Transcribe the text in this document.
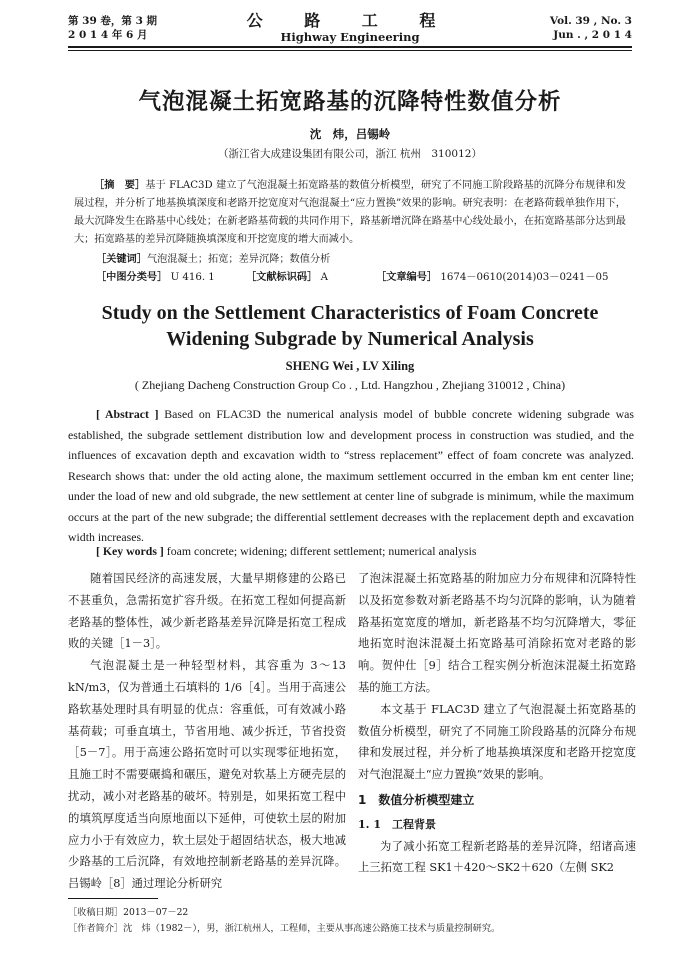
第 39 卷，第 3 期
2 0 1 4 年 6 月
公 路 工 程
Highway Engineering
Vol. 39 , No. 3
Jun . , 2 0 1 4
气泡混凝土拓宽路基的沉降特性数值分析
沈　炜，吕锡岭
（浙江省大成建设集团有限公司，浙江 杭州　310012）
［摘　要］基于 FLAC3D 建立了气泡混凝土拓宽路基的数值分析模型，研究了不同施工阶段路基的沉降分布规律和发展过程，并分析了地基换填深度和老路开挖宽度对气泡混凝土“应力置换”效果的影响。研究表明：在老路荷载单独作用下，最大沉降发生在路基中心线处；在新老路基荷载的共同作用下，路基新增沉降在路基中心线处最小，在拓宽路基部分达到最大；拓宽路基的差异沉降随换填深度和开挖宽度的增大而减小。
［关键词］气泡混凝土；拓宽；差异沉降；数值分析
［中图分类号］ U 416. 1	［文献标识码］ A	［文章编号］ 1674－0610(2014)03－0241－05
Study on the Settlement Characteristics of Foam Concrete
Widening Subgrade by Numerical Analysis
SHENG Wei , LV Xiling
( Zhejiang Dacheng Construction Group Co . , Ltd. Hangzhou , Zhejiang 310012 , China)
[ Abstract ] Based on FLAC3D the numerical analysis model of bubble concrete widening subgrade was established, the subgrade settlement distribution low and development process in construction was studied, and the influences of excavation depth and excavation width to “stress replacement” effect of foam concrete was analyzed. Research shows that: under the old acting alone, the maximum settlement occurred in the emban km ent center line; under the load of new and old subgrade, the new settlement at center line of subgrade is minimum, while the maximum occurs at the part of the new subgrade; the differential settlement decreases with the replacement depth and excavation width increases.
[ Key words ] foam concrete; widening; different settlement; numerical analysis

随着国民经济的高速发展，大量早期修建的公路已不甚重负，急需拓宽扩容升级。在拓宽工程如何提高新老路基的整体性，减少新老路基差异沉降是拓宽工程成败的关键［1－3］。

气泡混凝土是一种轻型材料，其容重为 3～13 kN/m3，仅为普通土石填料的 1/6［4］。当用于高速公路软基处理时具有明显的优点：容重低，可有效减小路基荷载；可垂直填土，节省用地、减少拆迁，节省投资［5－7］。用于高速公路拓宽时可以实现零征地拓宽，且施工时不需要碾捣和碾压，避免对软基上方硬壳层的扰动，减小对老路基的破坏。特别是，如果拓宽工程中的填筑厚度适当向原地面以下延伸，可使软土层的附加应力小于有效应力，软土层处于超固结状态，极大地减少路基的工后沉降，有效地控制新老路基的差异沉降。吕锡岭［8］通过理论分析研究

了泡沫混凝土拓宽路基的附加应力分布规律和沉降特性以及拓宽参数对新老路基不均匀沉降的影响，认为随着路基拓宽宽度的增加，新老路基不均匀沉降增大，零征地拓宽时泡沫混凝土拓宽路基可消除拓宽对老路的影响。贺仲仕［9］结合工程实例分析泡沫混凝土拓宽路基的施工方法。

本文基于 FLAC3D 建立了气泡混凝土拓宽路基的数值分析模型，研究了不同施工阶段路基的沉降分布规律和发展过程，并分析了地基换填深度和老路开挖宽度对气泡混凝土“应力置换”效果的影响。

1　数值分析模型建立
1. 1　工程背景

为了减小拓宽工程新老路基的差异沉降，绍诸高速上三拓宽工程 SK1＋420～SK2＋620（左侧 SK2

［收稿日期］2013－07－22
［作者简介］沈　炜（1982－），男，浙江杭州人，工程师，主要从事高速公路施工技术与质量控制研究。
